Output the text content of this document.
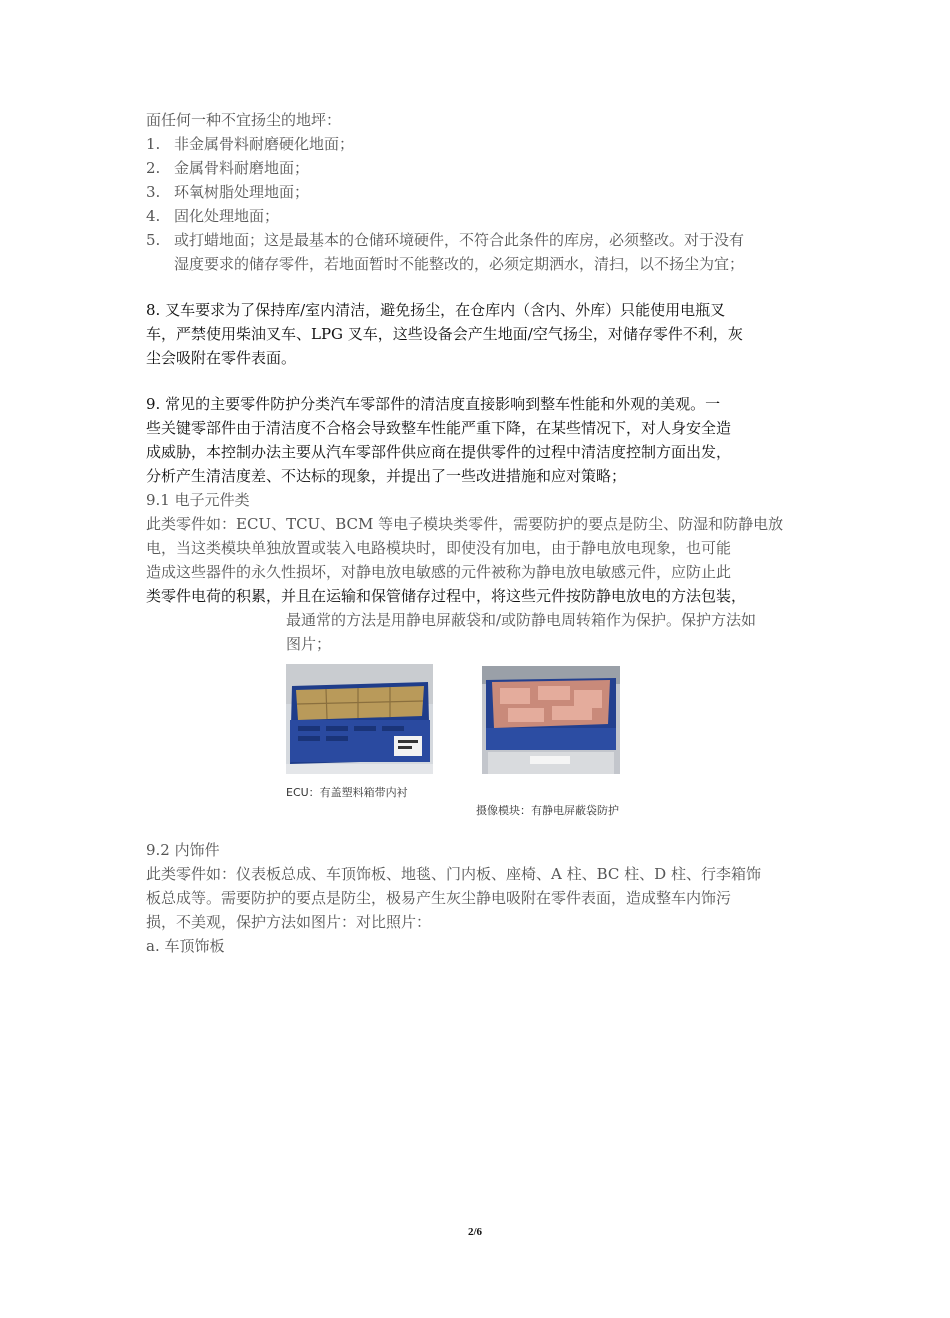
面任何一种不宜扬尘的地坪：
1. 非金属骨料耐磨硬化地面；
2. 金属骨料耐磨地面；
3. 环氧树脂处理地面；
4. 固化处理地面；
5. 或打蜡地面；这是最基本的仓储环境硬件，不符合此条件的库房，必须整改。对于没有
湿度要求的储存零件，若地面暂时不能整改的，必须定期洒水，清扫，以不扬尘为宜；
8. 叉车要求为了保持库/室内清洁，避免扬尘，在仓库内（含内、外库）只能使用电瓶叉
车，严禁使用柴油叉车、LPG 叉车，这些设备会产生地面/空气扬尘，对储存零件不利，灰
尘会吸附在零件表面。
9. 常见的主要零件防护分类汽车零部件的清洁度直接影响到整车性能和外观的美观。一
些关键零部件由于清洁度不合格会导致整车性能严重下降，在某些情况下，对人身安全造
成威胁，本控制办法主要从汽车零部件供应商在提供零件的过程中清洁度控制方面出发，
分析产生清洁度差、不达标的现象，并提出了一些改进措施和应对策略；
9.1 电子元件类
此类零件如：ECU、TCU、BCM 等电子模块类零件，需要防护的要点是防尘、防湿和防静电放
电，当这类模块单独放置或装入电路模块时，即使没有加电，由于静电放电现象，也可能
造成这些器件的永久性损坏，对静电放电敏感的元件被称为静电放电敏感元件，应防止此
类零件电荷的积累，并且在运输和保管储存过程中，将这些元件按防静电放电的方法包装，
最通常的方法是用静电屏蔽袋和/或防静电周转箱作为保护。保护方法如
图片；
ECU：有盖塑料箱带内衬
摄像模块：有静电屏蔽袋防护
9.2 内饰件
此类零件如：仪表板总成、车顶饰板、地毯、门内板、座椅、A 柱、BC 柱、D 柱、行李箱饰
板总成等。需要防护的要点是防尘，极易产生灰尘静电吸附在零件表面，造成整车内饰污
损，不美观，保护方法如图片：对比照片：
a. 车顶饰板
2/6
